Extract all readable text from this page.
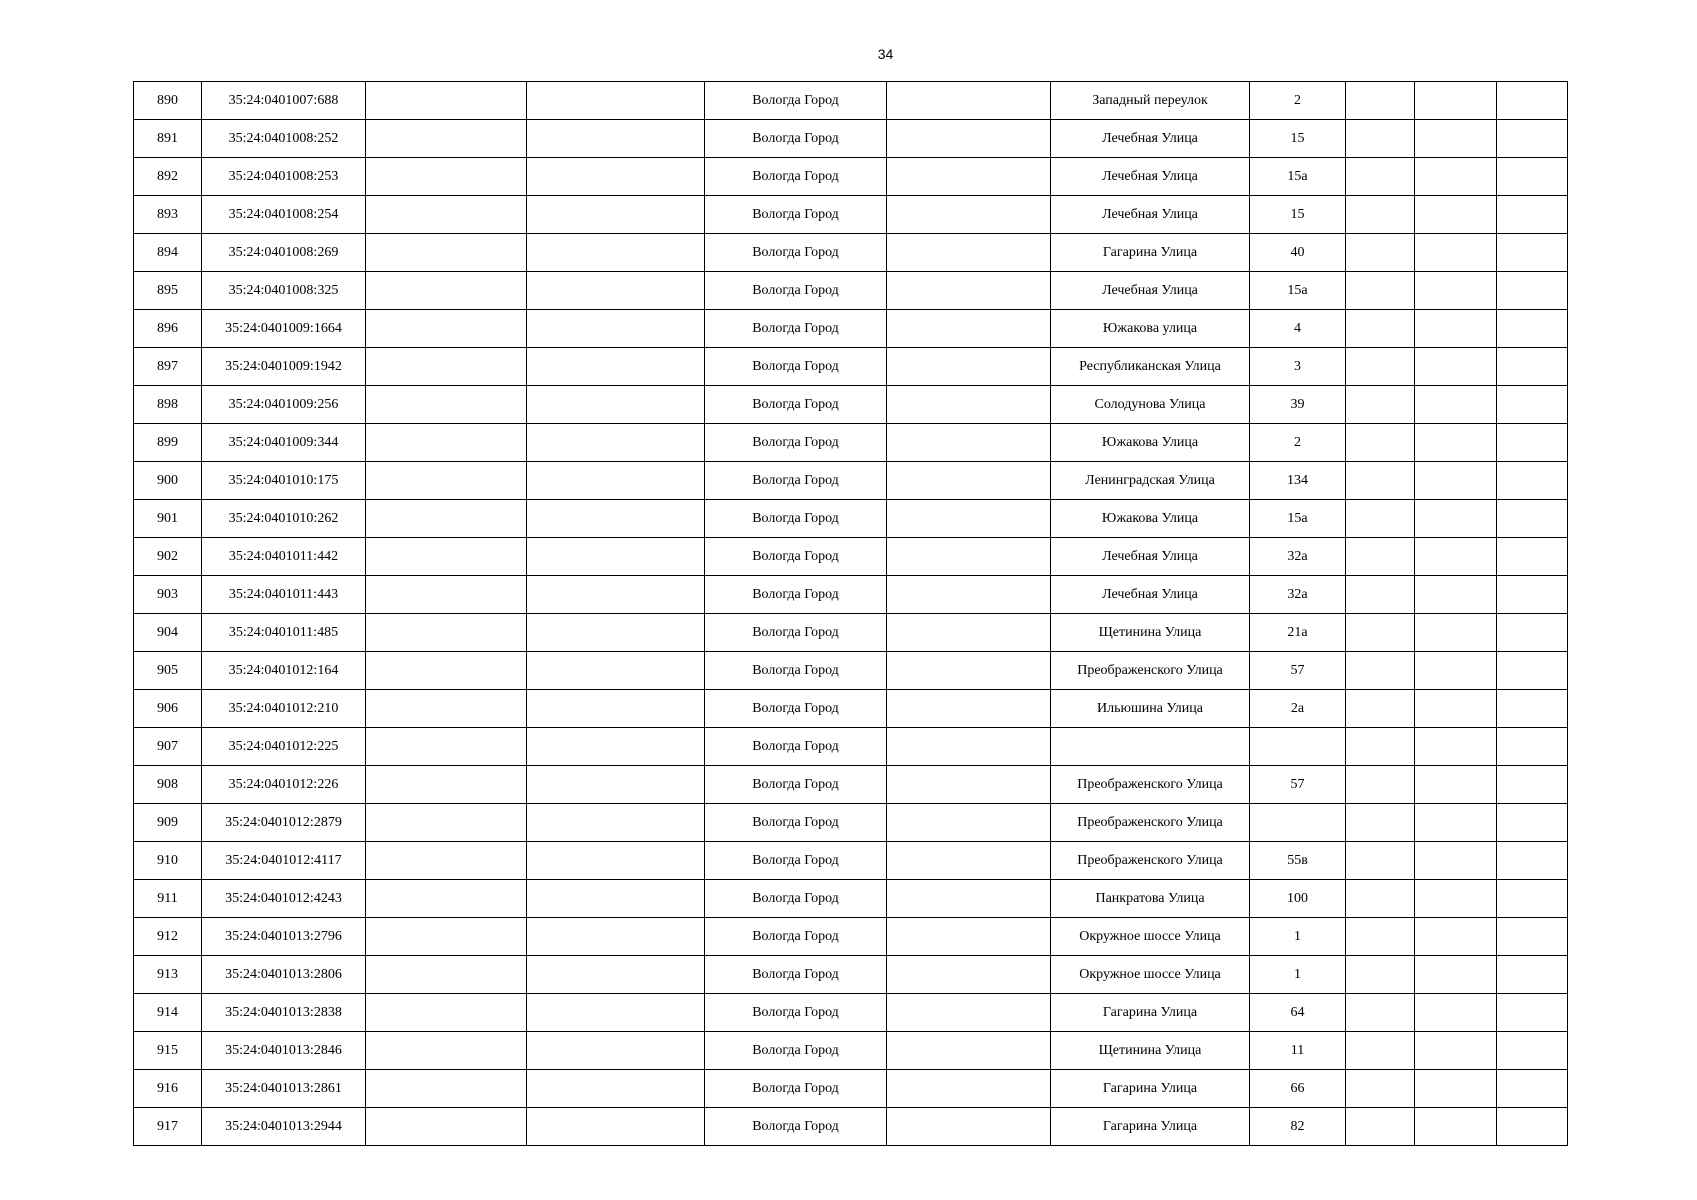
34
890	35:24:0401007:688			Вологда Город		Западный переулок	2			
891	35:24:0401008:252			Вологда Город		Лечебная Улица	15			
892	35:24:0401008:253			Вологда Город		Лечебная Улица	15а			
893	35:24:0401008:254			Вологда Город		Лечебная Улица	15			
894	35:24:0401008:269			Вологда Город		Гагарина Улица	40			
895	35:24:0401008:325			Вологда Город		Лечебная Улица	15а			
896	35:24:0401009:1664			Вологда Город		Южакова улица	4			
897	35:24:0401009:1942			Вологда Город		Республиканская Улица	3			
898	35:24:0401009:256			Вологда Город		Солодунова Улица	39			
899	35:24:0401009:344			Вологда Город		Южакова Улица	2			
900	35:24:0401010:175			Вологда Город		Ленинградская Улица	134			
901	35:24:0401010:262			Вологда Город		Южакова Улица	15а			
902	35:24:0401011:442			Вологда Город		Лечебная Улица	32а			
903	35:24:0401011:443			Вологда Город		Лечебная Улица	32а			
904	35:24:0401011:485			Вологда Город		Щетинина Улица	21а			
905	35:24:0401012:164			Вологда Город		Преображенского Улица	57			
906	35:24:0401012:210			Вологда Город		Ильюшина Улица	2а			
907	35:24:0401012:225			Вологда Город						
908	35:24:0401012:226			Вологда Город		Преображенского Улица	57			
909	35:24:0401012:2879			Вологда Город		Преображенского Улица				
910	35:24:0401012:4117			Вологда Город		Преображенского Улица	55в			
911	35:24:0401012:4243			Вологда Город		Панкратова Улица	100			
912	35:24:0401013:2796			Вологда Город		Окружное шоссе Улица	1			
913	35:24:0401013:2806			Вологда Город		Окружное шоссе Улица	1			
914	35:24:0401013:2838			Вологда Город		Гагарина Улица	64			
915	35:24:0401013:2846			Вологда Город		Щетинина Улица	11			
916	35:24:0401013:2861			Вологда Город		Гагарина Улица	66			
917	35:24:0401013:2944			Вологда Город		Гагарина Улица	82			
